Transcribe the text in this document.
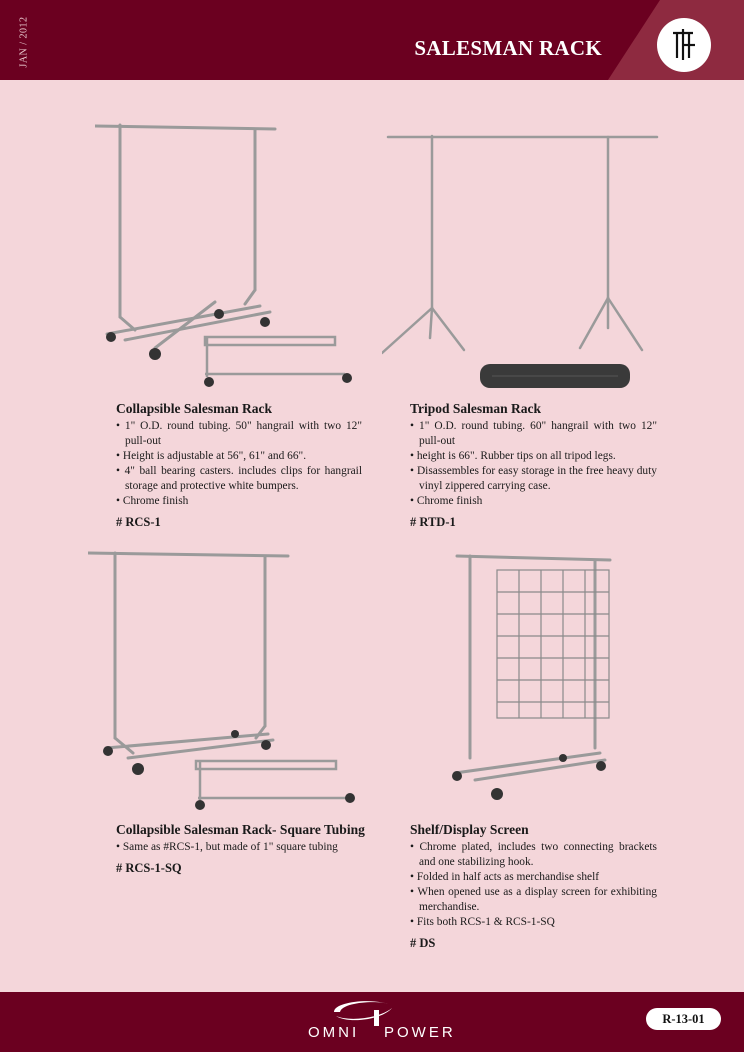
JAN / 2012	SALESMAN RACK
Collapsible Salesman Rack
• 1" O.D. round tubing. 50" hangrail with two 12" pull-out
• Height is adjustable at 56", 61" and 66".
• 4" ball bearing casters. includes clips for hangrail storage and protective white bumpers.
• Chrome finish
# RCS-1
Tripod Salesman Rack
• 1" O.D. round tubing. 60" hangrail with two 12" pull-out
• height is 66". Rubber tips on all tripod legs.
• Disassembles for easy storage in the free heavy duty vinyl zippered carrying case.
• Chrome finish
# RTD-1
Collapsible Salesman Rack- Square Tubing
• Same as #RCS-1, but made of 1" square tubing
# RCS-1-SQ
Shelf/Display Screen
• Chrome plated, includes two connecting brackets and one stabilizing hook.
• Folded in half acts as merchandise shelf
• When opened use as a display screen for exhibiting merchandise.
• Fits both RCS-1 & RCS-1-SQ
# DS
OMNI POWER
R-13-01
